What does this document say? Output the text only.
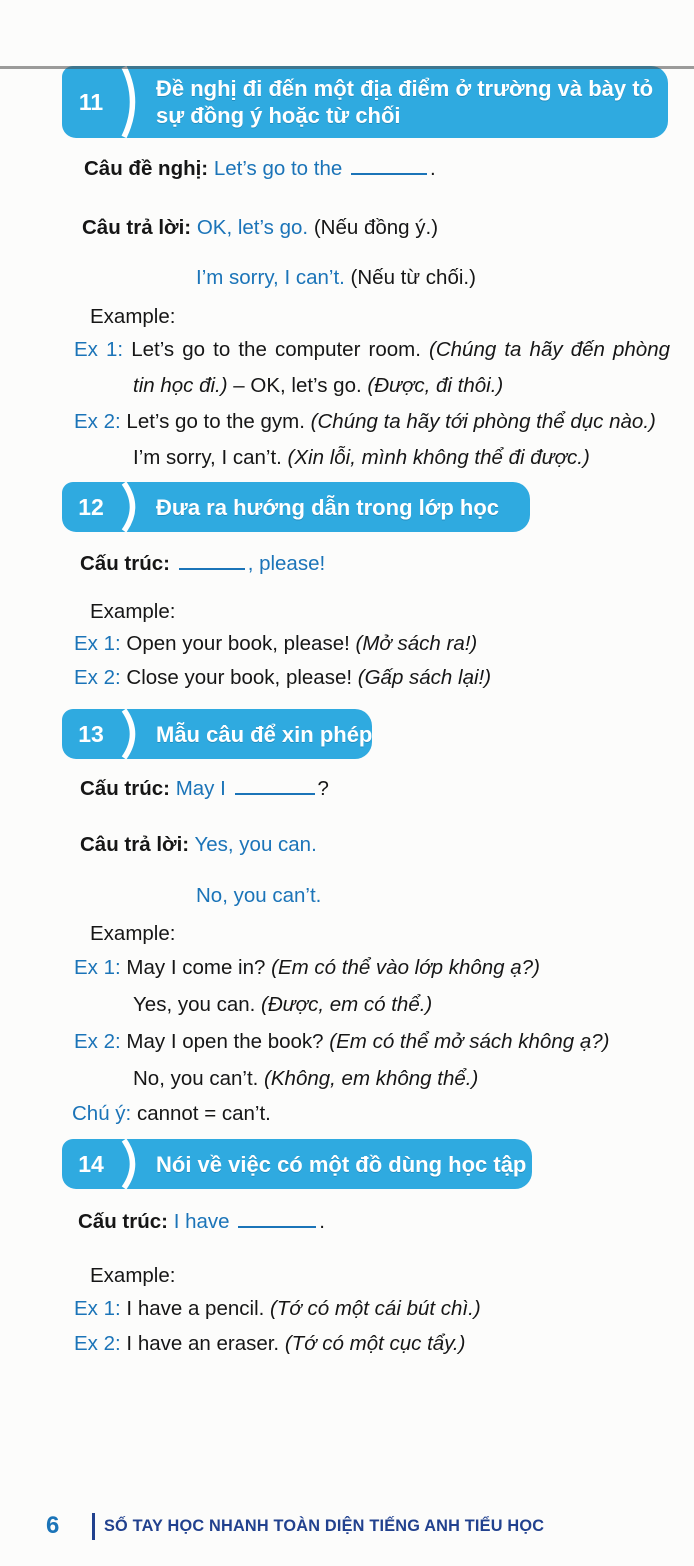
11	Đề nghị đi đến một địa điểm ở trường và bày tỏ
sự đồng ý hoặc từ chối
Câu đề nghị: Let’s go to the	.
Câu trả lời: OK, let’s go. (Nếu đồng ý.)
I’m sorry, I can’t. (Nếu từ chối.)
Example:
Ex 1: Let’s go to the computer room. (Chúng ta hãy đến phòng
tin học đi.) – OK, let’s go. (Được, đi thôi.)
Ex 2: Let’s go to the gym. (Chúng ta hãy tới phòng thể dục nào.)
I’m sorry, I can’t. (Xin lỗi, mình không thể đi được.)
12	Đưa ra hướng dẫn trong lớp học
Cấu trúc:	, please!
Example:
Ex 1: Open your book, please! (Mở sách ra!)
Ex 2: Close your book, please! (Gấp sách lại!)
13	Mẫu câu để xin phép
Cấu trúc: May I	?
Câu trả lời: Yes, you can.
No, you can’t.
Example:
Ex 1: May I come in? (Em có thể vào lớp không ạ?)
Yes, you can. (Được, em có thể.)
Ex 2: May I open the book? (Em có thể mở sách không ạ?)
No, you can’t. (Không, em không thể.)
Chú ý: cannot = can’t.
14	Nói về việc có một đồ dùng học tập
Cấu trúc: I have	.
Example:
Ex 1: I have a pencil. (Tớ có một cái bút chì.)
Ex 2: I have an eraser. (Tớ có một cục tẩy.)
6	SỐ TAY HỌC NHANH TOÀN DIỆN TIẾNG ANH TIỂU HỌC
